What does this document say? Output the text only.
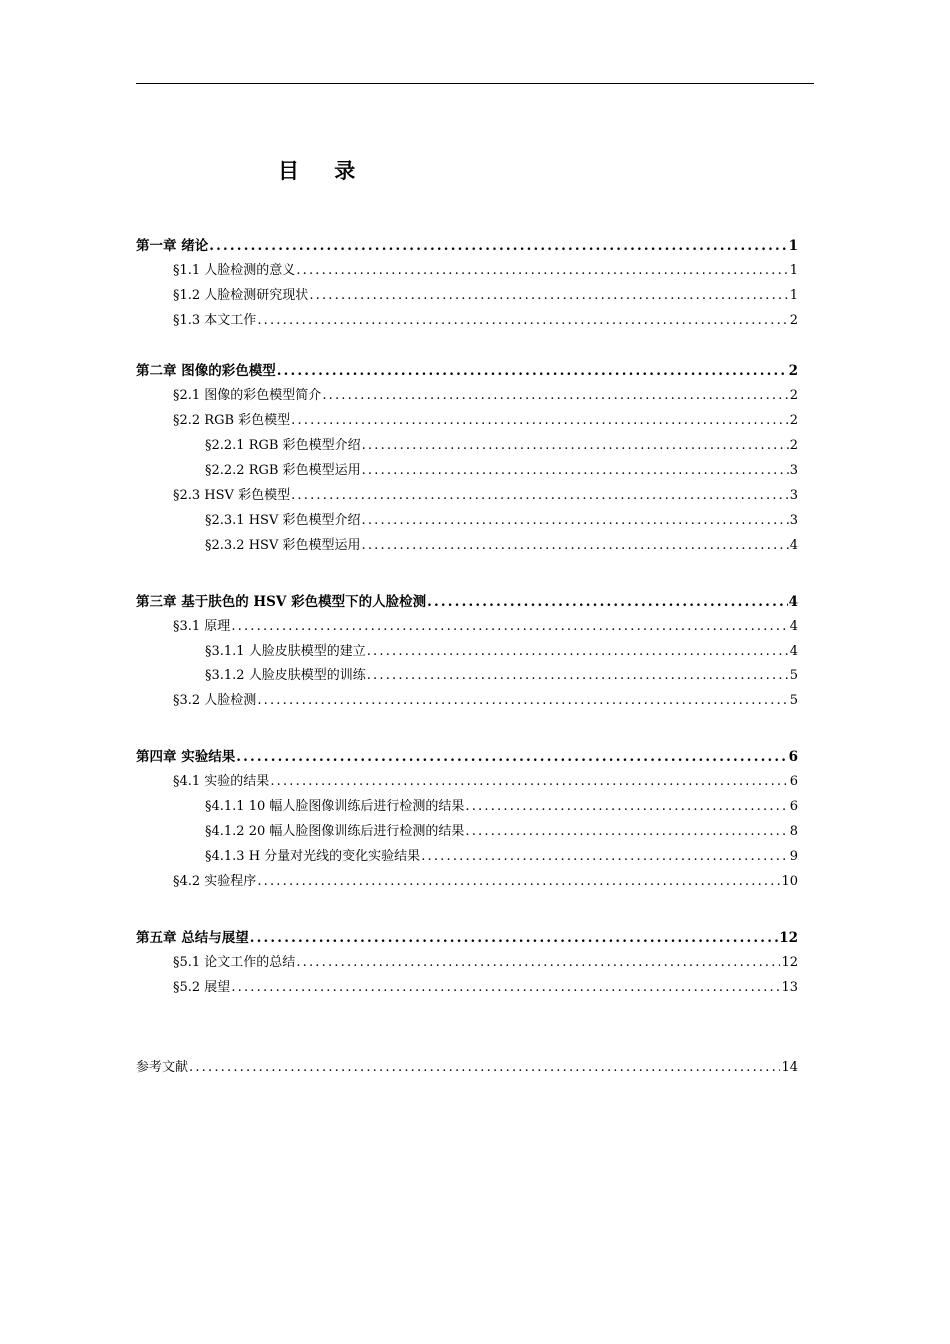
目 录
第一章 绪论 .....	1
§1.1 人脸检测的意义 .....	1
§1.2 人脸检测研究现状 .....	1
§1.3 本文工作 .....	2
第二章 图像的彩色模型 .....	2
§2.1 图像的彩色模型简介 .....	2
§2.2 RGB 彩色模型 .....	2
§2.2.1 RGB 彩色模型介绍 .....	2
§2.2.2 RGB 彩色模型运用 .....	3
§2.3 HSV 彩色模型 .....	3
§2.3.1 HSV 彩色模型介绍 .....	3
§2.3.2 HSV 彩色模型运用 .....	4
第三章 基于肤色的 HSV 彩色模型下的人脸检测 .....	4
§3.1 原理 .....	4
§3.1.1 人脸皮肤模型的建立 .....	4
§3.1.2 人脸皮肤模型的训练 .....	5
§3.2 人脸检测 .....	5
第四章 实验结果 .....	6
§4.1 实验的结果 .....	6
§4.1.1 10 幅人脸图像训练后进行检测的结果 .....	6
§4.1.2 20 幅人脸图像训练后进行检测的结果 .....	8
§4.1.3 H 分量对光线的变化实验结果 .....	9
§4.2 实验程序 .....	10
第五章 总结与展望 .....	12
§5.1 论文工作的总结 .....	12
§5.2 展望 .....	13
参考文献 .....	14
